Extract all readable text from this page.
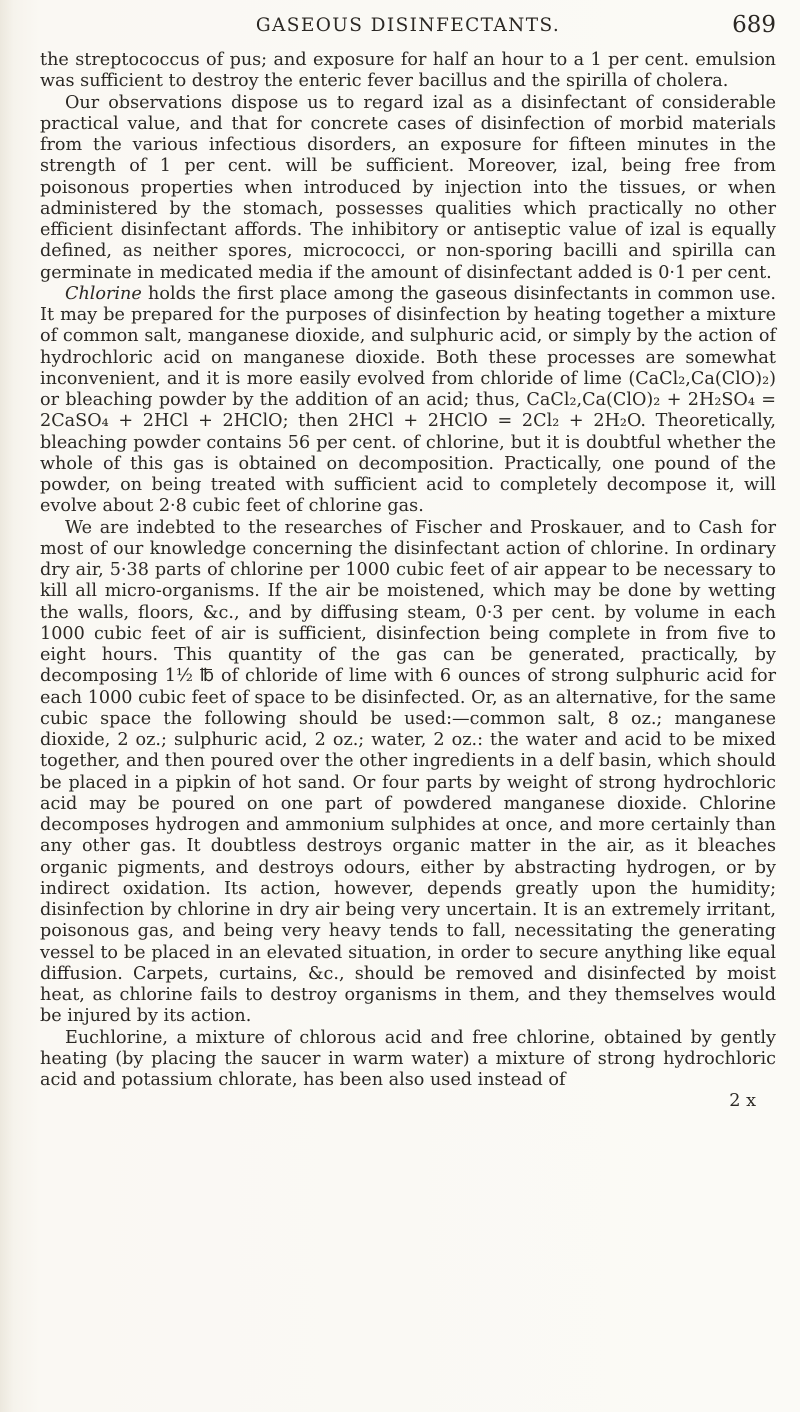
GASEOUS DISINFECTANTS.	689

the streptococcus of pus; and exposure for half an hour to a 1 per cent. emulsion was sufficient to destroy the enteric fever bacillus and the spirilla of cholera.

Our observations dispose us to regard izal as a disinfectant of considerable practical value, and that for concrete cases of disinfection of morbid materials from the various infectious disorders, an exposure for fifteen minutes in the strength of 1 per cent. will be sufficient. Moreover, izal, being free from poisonous properties when introduced by injection into the tissues, or when administered by the stomach, possesses qualities which practically no other efficient disinfectant affords. The inhibitory or antiseptic value of izal is equally defined, as neither spores, micrococci, or non-sporing bacilli and spirilla can germinate in medicated media if the amount of disinfectant added is 0·1 per cent.

Chlorine holds the first place among the gaseous disinfectants in common use. It may be prepared for the purposes of disinfection by heating together a mixture of common salt, manganese dioxide, and sulphuric acid, or simply by the action of hydrochloric acid on manganese dioxide. Both these processes are somewhat inconvenient, and it is more easily evolved from chloride of lime (CaCl₂,Ca(ClO)₂) or bleaching powder by the addition of an acid; thus, CaCl₂,Ca(ClO)₂ + 2H₂SO₄ = 2CaSO₄ + 2HCl + 2HClO; then 2HCl + 2HClO = 2Cl₂ + 2H₂O. Theoretically, bleaching powder contains 56 per cent. of chlorine, but it is doubtful whether the whole of this gas is obtained on decomposition. Practically, one pound of the powder, on being treated with sufficient acid to completely decompose it, will evolve about 2·8 cubic feet of chlorine gas.

We are indebted to the researches of Fischer and Proskauer, and to Cash for most of our knowledge concerning the disinfectant action of chlorine. In ordinary dry air, 5·38 parts of chlorine per 1000 cubic feet of air appear to be necessary to kill all micro-organisms. If the air be moistened, which may be done by wetting the walls, floors, &c., and by diffusing steam, 0·3 per cent. by volume in each 1000 cubic feet of air is sufficient, disinfection being complete in from five to eight hours. This quantity of the gas can be generated, practically, by decomposing 1½ ℔ of chloride of lime with 6 ounces of strong sulphuric acid for each 1000 cubic feet of space to be disinfected. Or, as an alternative, for the same cubic space the following should be used:—common salt, 8 oz.; manganese dioxide, 2 oz.; sulphuric acid, 2 oz.; water, 2 oz.: the water and acid to be mixed together, and then poured over the other ingredients in a delf basin, which should be placed in a pipkin of hot sand. Or four parts by weight of strong hydrochloric acid may be poured on one part of powdered manganese dioxide. Chlorine decomposes hydrogen and ammonium sulphides at once, and more certainly than any other gas. It doubtless destroys organic matter in the air, as it bleaches organic pigments, and destroys odours, either by abstracting hydrogen, or by indirect oxidation. Its action, however, depends greatly upon the humidity; disinfection by chlorine in dry air being very uncertain. It is an extremely irritant, poisonous gas, and being very heavy tends to fall, necessitating the generating vessel to be placed in an elevated situation, in order to secure anything like equal diffusion. Carpets, curtains, &c., should be removed and disinfected by moist heat, as chlorine fails to destroy organisms in them, and they themselves would be injured by its action.

Euchlorine, a mixture of chlorous acid and free chlorine, obtained by gently heating (by placing the saucer in warm water) a mixture of strong hydrochloric acid and potassium chlorate, has been also used instead of

2 x
